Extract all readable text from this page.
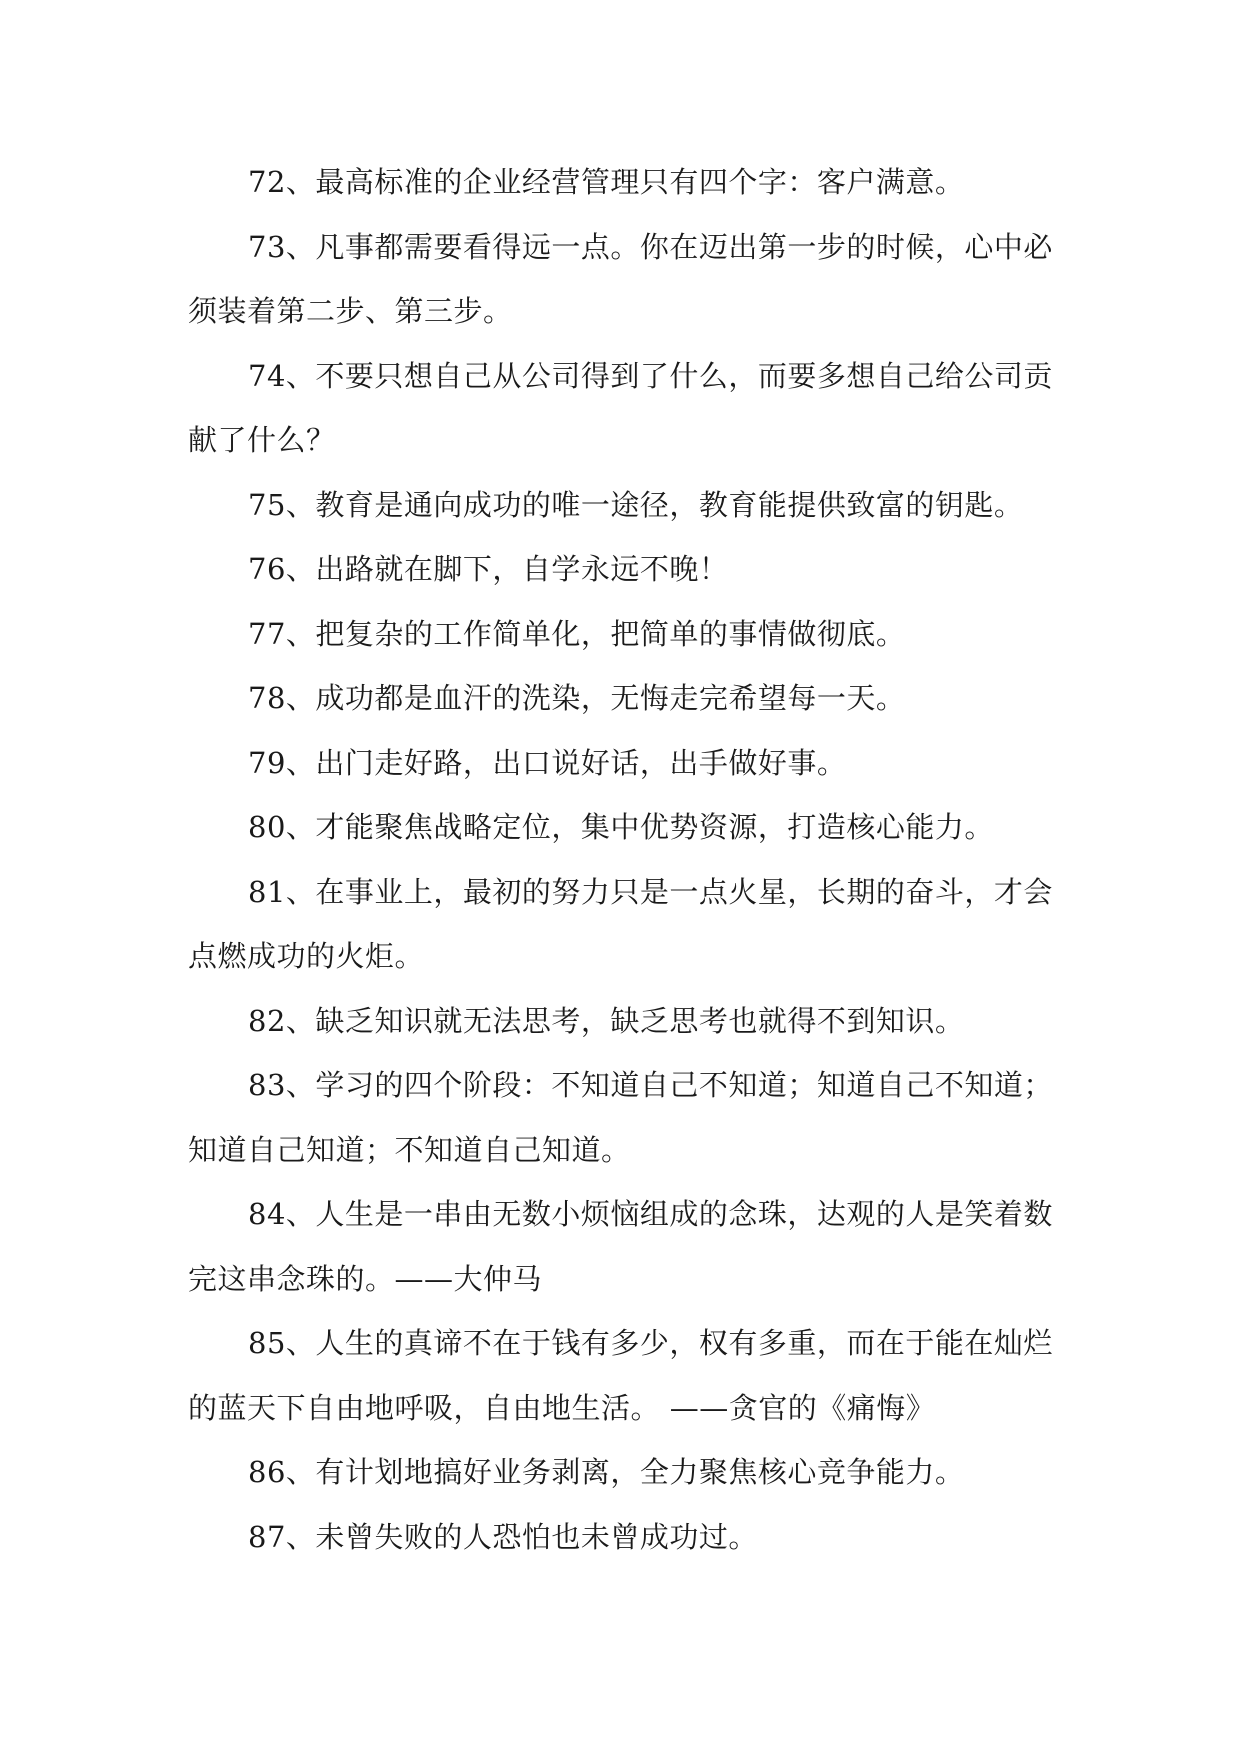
72、最高标准的企业经营管理只有四个字：客户满意。

73、凡事都需要看得远一点。你在迈出第一步的时候，心中必 须装着第二步、第三步。

74、不要只想自己从公司得到了什么，而要多想自己给公司贡献了什么？

75、教育是通向成功的唯一途径，教育能提供致富的钥匙。

76、出路就在脚下，自学永远不晚！

77、把复杂的工作简单化，把简单的事情做彻底。

78、成功都是血汗的洗染，无悔走完希望每一天。

79、出门走好路，出口说好话，出手做好事。

80、才能聚焦战略定位，集中优势资源，打造核心能力。

81、在事业上，最初的努力只是一点火星，长期的奋斗，才会点燃成功的火炬。

82、缺乏知识就无法思考，缺乏思考也就得不到知识。

83、学习的四个阶段：不知道自己不知道；知道自己不知道；知道自己知道；不知道自己知道。

84、人生是一串由无数小烦恼组成的念珠，达观的人是笑着数完这串念珠的。——大仲马

85、人生的真谛不在于钱有多少，权有多重，而在于能在灿烂的蓝天下自由地呼吸，自由地生活。 ——贪官的《痛悔》

86、有计划地搞好业务剥离，全力聚焦核心竞争能力。

87、未曾失败的人恐怕也未曾成功过。
